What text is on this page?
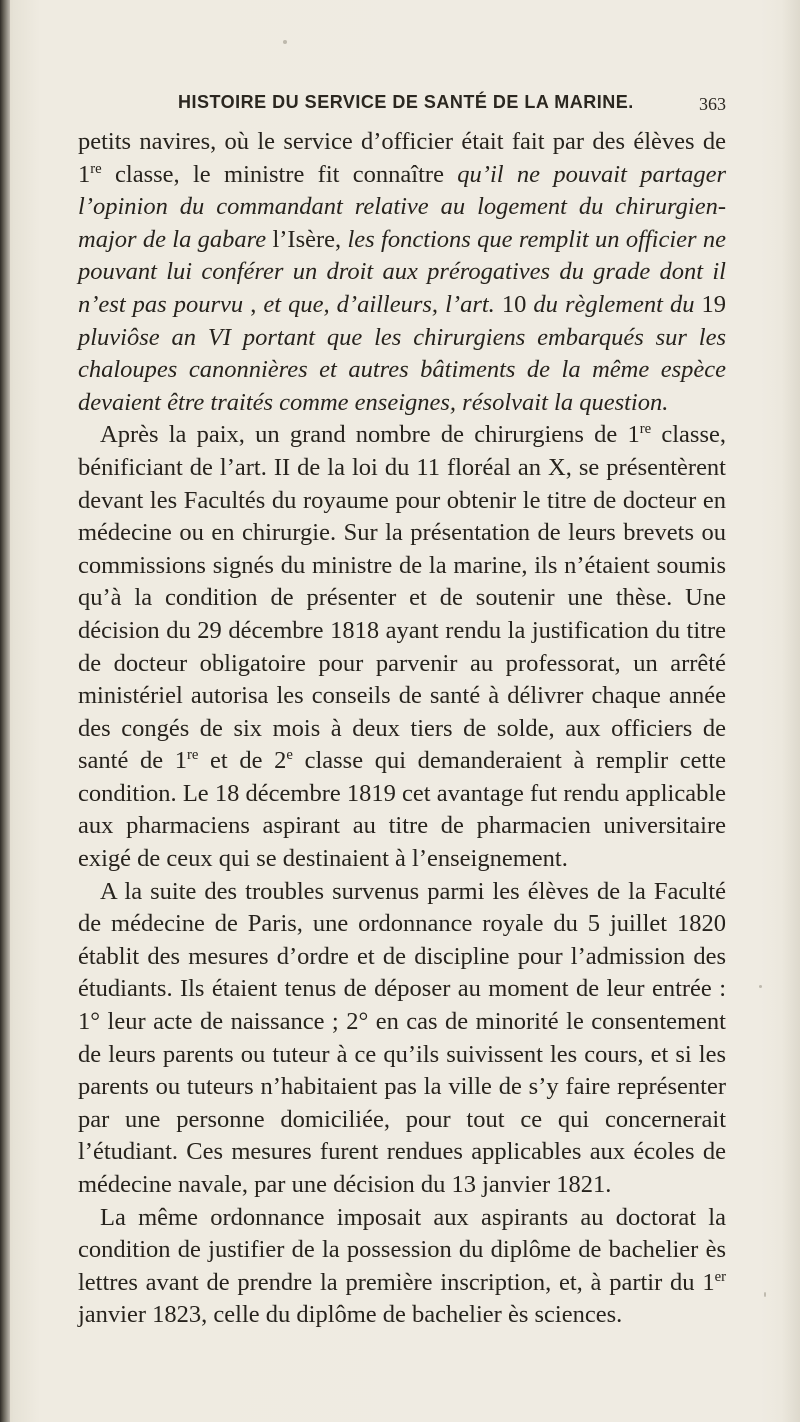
HISTOIRE DU SERVICE DE SANTÉ DE LA MARINE.	363

petits navires, où le service d’officier était fait par des élèves de 1re classe, le ministre fit connaître qu’il ne pouvait partager l’opinion du commandant relative au logement du chirurgien-major de la gabare l’Isère, les fonctions que remplit un officier ne pouvant lui conférer un droit aux prérogatives du grade dont il n’est pas pourvu , et que, d’ailleurs, l’art. 10 du règlement du 19 pluviôse an VI portant que les chirurgiens embarqués sur les chaloupes canonnières et autres bâtiments de la même espèce devaient être traités comme enseignes, résolvait la question.

Après la paix, un grand nombre de chirurgiens de 1re classe, bénificiant de l’art. II de la loi du 11 floréal an X, se présentèrent devant les Facultés du royaume pour obtenir le titre de docteur en médecine ou en chirurgie. Sur la présentation de leurs brevets ou commissions signés du ministre de la marine, ils n’étaient soumis qu’à la condition de présenter et de soutenir une thèse. Une décision du 29 décembre 1818 ayant rendu la justification du titre de docteur obligatoire pour parvenir au professorat, un arrêté ministériel autorisa les conseils de santé à délivrer chaque année des congés de six mois à deux tiers de solde, aux officiers de santé de 1re et de 2e classe qui demanderaient à remplir cette condition. Le 18 décembre 1819 cet avantage fut rendu applicable aux pharmaciens aspirant au titre de pharmacien universitaire exigé de ceux qui se destinaient à l’enseignement.

A la suite des troubles survenus parmi les élèves de la Faculté de médecine de Paris, une ordonnance royale du 5 juillet 1820 établit des mesures d’ordre et de discipline pour l’admission des étudiants. Ils étaient tenus de déposer au moment de leur entrée : 1° leur acte de naissance ; 2° en cas de minorité le consentement de leurs parents ou tuteur à ce qu’ils suivissent les cours, et si les parents ou tuteurs n’habitaient pas la ville de s’y faire représenter par une personne domiciliée, pour tout ce qui concernerait l’étudiant. Ces mesures furent rendues applicables aux écoles de médecine navale, par une décision du 13 janvier 1821.

La même ordonnance imposait aux aspirants au doctorat la condition de justifier de la possession du diplôme de bachelier ès lettres avant de prendre la première inscription, et, à partir du 1er janvier 1823, celle du diplôme de bachelier ès sciences.
